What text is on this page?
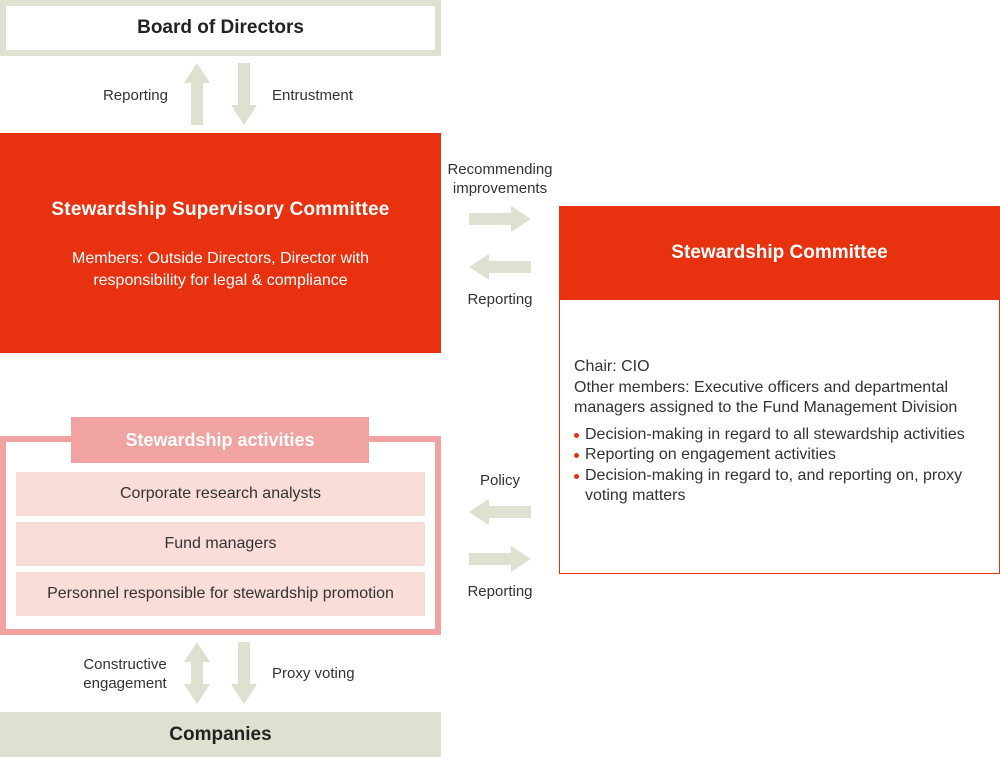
Board of Directors
Reporting	Entrustment
Stewardship Supervisory Committee
Members: Outside Directors, Director with responsibility for legal & compliance
Recommending
improvements
Reporting
Stewardship Committee
Chair: CIO
Other members: Executive officers and departmental managers assigned to the Fund Management Division
Decision-making in regard to all stewardship activities
Reporting on engagement activities
Decision-making in regard to, and reporting on, proxy voting matters
Policy
Reporting
Stewardship activities
Corporate research analysts
Fund managers
Personnel responsible for stewardship promotion
Constructive
engagement
Proxy voting
Companies
